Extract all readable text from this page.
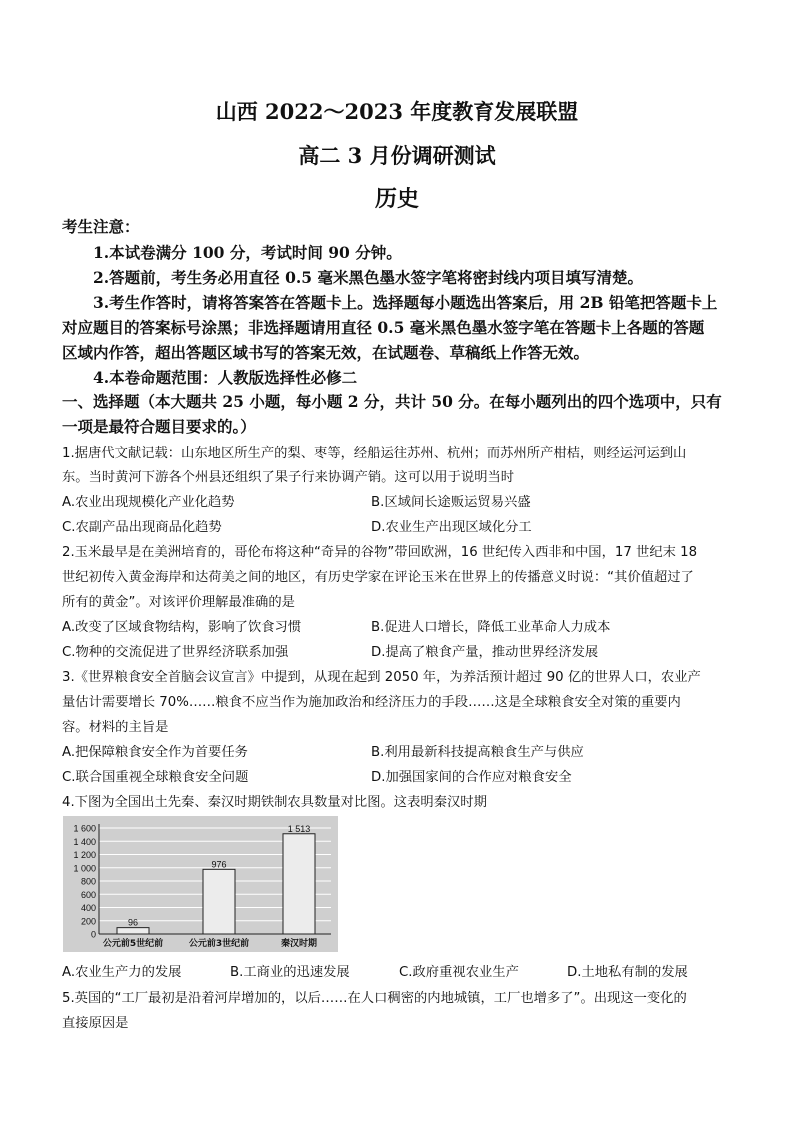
山西 2022～2023 年度教育发展联盟
高二 3 月份调研测试
历史
考生注意：
1.本试卷满分 100 分，考试时间 90 分钟。
2.答题前，考生务必用直径 0.5 毫米黑色墨水签字笔将密封线内项目填写清楚。
3.考生作答时，请将答案答在答题卡上。选择题每小题选出答案后，用 2B 铅笔把答题卡上
对应题目的答案标号涂黑；非选择题请用直径 0.5 毫米黑色墨水签字笔在答题卡上各题的答题
区域内作答，超出答题区域书写的答案无效，在试题卷、草稿纸上作答无效。
4.本卷命题范围：人教版选择性必修二
一、选择题（本大题共 25 小题，每小题 2 分，共计 50 分。在每小题列出的四个选项中，只有
一项是最符合题目要求的。）
1.据唐代文献记载：山东地区所生产的梨、枣等，经船运往苏州、杭州；而苏州所产柑桔，则经运河运到山
东。当时黄河下游各个州县还组织了果子行来协调产销。这可以用于说明当时
A.农业出现规模化产业化趋势	B.区域间长途贩运贸易兴盛
C.农副产品出现商品化趋势	D.农业生产出现区域化分工
2.玉米最早是在美洲培育的，哥伦布将这种“奇异的谷物”带回欧洲，16 世纪传入西非和中国，17 世纪末 18
世纪初传入黄金海岸和达荷美之间的地区，有历史学家在评论玉米在世界上的传播意义时说：“其价值超过了
所有的黄金”。对该评价理解最准确的是
A.改变了区域食物结构，影响了饮食习惯	B.促进人口增长，降低工业革命人力成本
C.物种的交流促进了世界经济联系加强	D.提高了粮食产量，推动世界经济发展
3.《世界粮食安全首脑会议宣言》中提到，从现在起到 2050 年，为养活预计超过 90 亿的世界人口，农业产
量估计需要增长 70%……粮食不应当作为施加政治和经济压力的手段……这是全球粮食安全对策的重要内
容。材料的主旨是
A.把保障粮食安全作为首要任务	B.利用最新科技提高粮食生产与供应
C.联合国重视全球粮食安全问题	D.加强国家间的合作应对粮食安全
4.下图为全国出土先秦、秦汉时期铁制农具数量对比图。这表明秦汉时期
0
200
400
600
800
1 000
1 200
1 400
1 600
96
公元前5世纪前
976
公元前3世纪前
1 513
秦汉时期
A.农业生产力的发展	B.工商业的迅速发展	C.政府重视农业生产	D.土地私有制的发展
5.英国的“工厂最初是沿着河岸增加的，以后……在人口稠密的内地城镇，工厂也增多了”。出现这一变化的
直接原因是
